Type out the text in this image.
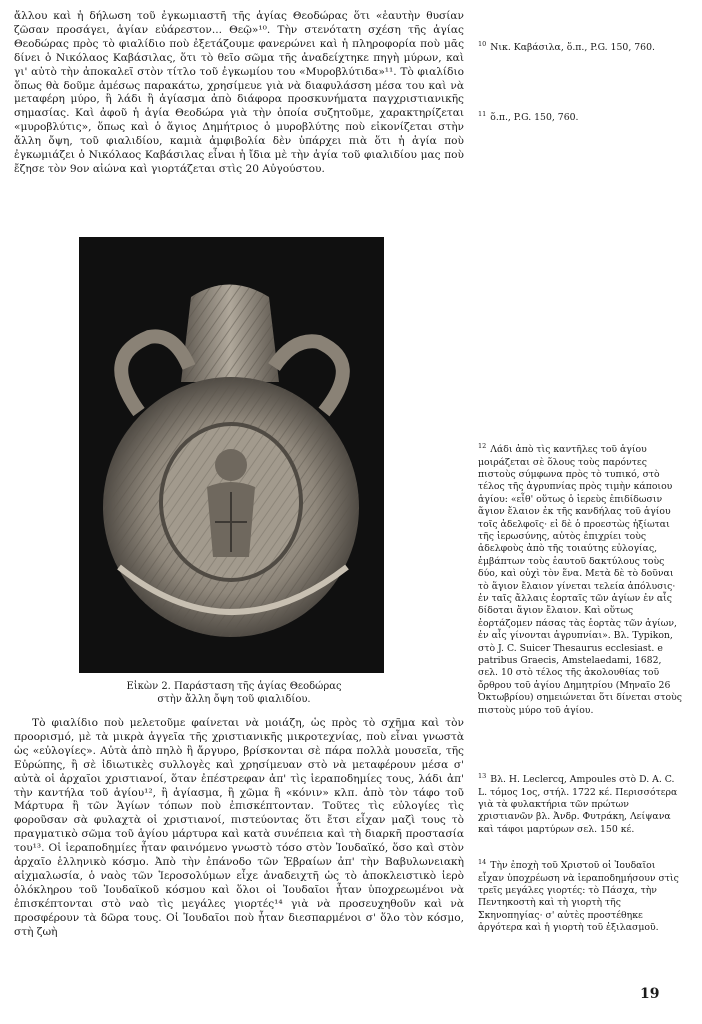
ἄλλου καὶ ἡ δήλωση τοῦ ἐγκωμιαστῆ τῆς ἁγίας Θεοδώρας ὅτι «ἑαυτὴν θυσίαν ζῶσαν προσάγει, ἁγίαν εὐάρεστον... Θεῷ»¹⁰. Τὴν στενότατη σχέση τῆς ἁγίας Θεοδώρας πρὸς τὸ φιαλίδιο ποὺ ἐξετάζουμε φανερώνει καὶ ἡ πληροφορία ποὺ μᾶς δίνει ὁ Νικόλαος Καβάσιλας, ὅτι τὸ θεῖο σῶμα τῆς ἀναδείχτηκε πηγὴ μύρων, καὶ γι' αὐτὸ τὴν ἀποκαλεῖ στὸν τίτλο τοῦ ἐγκωμίου του «Μυροβλύτιδα»¹¹. Τὸ φιαλίδιο ὅπως θὰ δοῦμε ἀμέσως παρακάτω, χρησίμευε γιὰ νὰ διαφυλάσση μέσα του καὶ νὰ μεταφέρη μύρο, ἢ λάδι ἢ ἁγίασμα ἀπὸ διάφορα προσκυνήματα παγχριστιανικῆς σημασίας. Καὶ ἀφοῦ ἡ ἁγία Θεοδώρα γιὰ τὴν ὁποία συζητοῦμε, χαρακτηρίζεται «μυροβλύτις», ὅπως καὶ ὁ ἅγιος Δημήτριος ὁ μυροβλύτης ποὺ εἰκονίζεται στὴν ἄλλη ὄψη, τοῦ φιαλιδίου, καμιὰ ἀμφιβολία δὲν ὑπάρχει πιὰ ὅτι ἡ ἁγία ποὺ ἐγκωμιάζει ὁ Νικόλαος Καβάσιλας εἶναι ἡ ἴδια μὲ τὴν ἁγία τοῦ φιαλιδίου μας ποὺ ἔζησε τὸν 9ον αἰώνα καὶ γιορτάζεται στὶς 20 Αὐγούστου.

Εἰκὼν 2. Παράσταση τῆς ἁγίας Θεοδώρας
στὴν ἄλλη ὄψη τοῦ φιαλιδίου.

Τὸ φιαλίδιο ποὺ μελετοῦμε φαίνεται νὰ μοιάζη, ὡς πρὸς τὸ σχῆμα καὶ τὸν προορισμό, μὲ τὰ μικρὰ ἀγγεῖα τῆς χριστιανικῆς μικροτεχνίας, ποὺ εἶναι γνωστὰ ὡς «εὐλογίες». Αὐτὰ ἀπὸ πηλὸ ἢ ἄργυρο, βρίσκονται σὲ πάρα πολλὰ μουσεῖα, τῆς Εὐρώπης, ἢ σὲ ἰδιωτικὲς συλλογὲς καὶ χρησίμευαν στὸ νὰ μεταφέρουν μέσα σ' αὐτὰ οἱ ἀρχαῖοι χριστιανοί, ὅταν ἐπέστρεφαν ἀπ' τὶς ἱεραποδημίες τους, λάδι ἀπ' τὴν καντήλα τοῦ ἁγίου¹², ἢ ἁγίασμα, ἢ χῶμα ἢ «κόνιν» κλπ. ἀπὸ τὸν τάφο τοῦ Μάρτυρα ἢ τῶν Ἁγίων τόπων ποὺ ἐπισκέπτονταν. Τοῦτες τὶς εὐλογίες τὶς φοροῦσαν σὰ φυλαχτὰ οἱ χριστιανοί, πιστεύοντας ὅτι ἔτσι εἶχαν μαζὶ τους τὸ πραγματικὸ σῶμα τοῦ ἁγίου μάρτυρα καὶ κατὰ συνέπεια καὶ τὴ διαρκῆ προστασία του¹³. Οἱ ἱεραποδημίες ἦταν φαινόμενο γνωστὸ τόσο στὸν Ἰουδαϊκό, ὅσο καὶ στὸν ἀρχαῖο ἑλληνικὸ κόσμο. Ἀπὸ τὴν ἐπάνοδο τῶν Ἑβραίων ἀπ' τὴν Βαβυλωνειακὴ αἰχμαλωσία, ὁ ναὸς τῶν Ἱεροσολύμων εἶχε ἀναδειχτῆ ὡς τὸ ἀποκλειστικὸ ἱερὸ ὁλόκληρου τοῦ Ἰουδαϊκοῦ κόσμου καὶ ὅλοι οἱ Ἰουδαῖοι ἦταν ὑποχρεωμένοι νὰ ἐπισκέπτονται στὸ ναὸ τὶς μεγάλες γιορτές¹⁴ γιὰ νὰ προσευχηθοῦν καὶ νὰ προσφέρουν τὰ δῶρα τους. Οἱ Ἰουδαῖοι ποὺ ἦταν διεσπαρμένοι σ' ὅλο τὸν κόσμο, στὴ ζωὴ

$^{10}$ Νικ. Καβάσιλα, ὅ.π., P.G. 150, 760.
$^{11}$ ὅ.π., P.G. 150, 760.
$^{12}$ Λάδι ἀπὸ τὶς καντῆλες τοῦ ἁγίου μοιράζεται σὲ ὅλους τοὺς παρόντες πιστοὺς σύμφωνα πρὸς τὸ τυπικό, στὸ τέλος τῆς ἀγρυπνίας πρὸς τιμὴν κάποιου ἁγίου: «εἶθ' οὕτως ὁ ἱερεὺς ἐπιδίδωσιν ἅγιον ἔλαιον ἐκ τῆς κανδήλας τοῦ ἁγίου τοῖς ἀδελφοῖς· εἰ δὲ ὁ προεστὼς ἠξίωται τῆς ἱερωσύνης, αὐτὸς ἐπιχρίει τοὺς ἀδελφοὺς ἀπὸ τῆς τοιαύτης εὐλογίας, ἐμβάπτων τοὺς ἑαυτοῦ δακτύλους τοὺς δύο, καὶ οὐχὶ τὸν ἕνα. Μετὰ δὲ τὸ δοῦναι τὸ ἅγιον ἔλαιον γίνεται τελεία ἀπόλυσις· ἐν ταῖς ἄλλαις ἑορταῖς τῶν ἁγίων ἐν αἷς δίδοται ἅγιον ἔλαιον. Καὶ οὕτως ἑορτάζομεν πάσας τὰς ἑορτὰς τῶν ἁγίων, ἐν αἷς γίνονται ἀγρυπνίαι». Βλ. Typikon, στὸ J. C. Suicer Thesaurus ecclesiast. e patribus Graecis, Amstelaedami, 1682, σελ. 10 στὸ τέλος τῆς ἀκολουθίας τοῦ ὄρθρου τοῦ ἁγίου Δημητρίου (Μηναῖο 26 Ὀκτωβρίου) σημειώνεται ὅτι δίνεται στοὺς πιστοὺς μύρο τοῦ ἁγίου.
$^{13}$ Βλ. H. Leclercq, Ampoules στὸ D. A. C. L. τόμος 1ος, στήλ. 1722 κέ. Περισσότερα γιὰ τὰ φυλακτήρια τῶν πρώτων χριστιανῶν βλ. Ἀνδρ. Φυτράκη, Λείψανα καὶ τάφοι μαρτύρων σελ. 150 κέ.
$^{14}$ Τὴν ἐποχὴ τοῦ Χριστοῦ οἱ Ἰουδαῖοι εἶχαν ὑποχρέωση νὰ ἱεραποδημήσουν στὶς τρεῖς μεγάλες γιορτές: τὸ Πάσχα, τὴν Πεντηκοστὴ καὶ τὴ γιορτὴ τῆς Σκηνοπηγίας· σ' αὐτὲς προστέθηκε ἀργότερα καὶ ἡ γιορτὴ τοῦ ἐξιλασμοῦ.
19
